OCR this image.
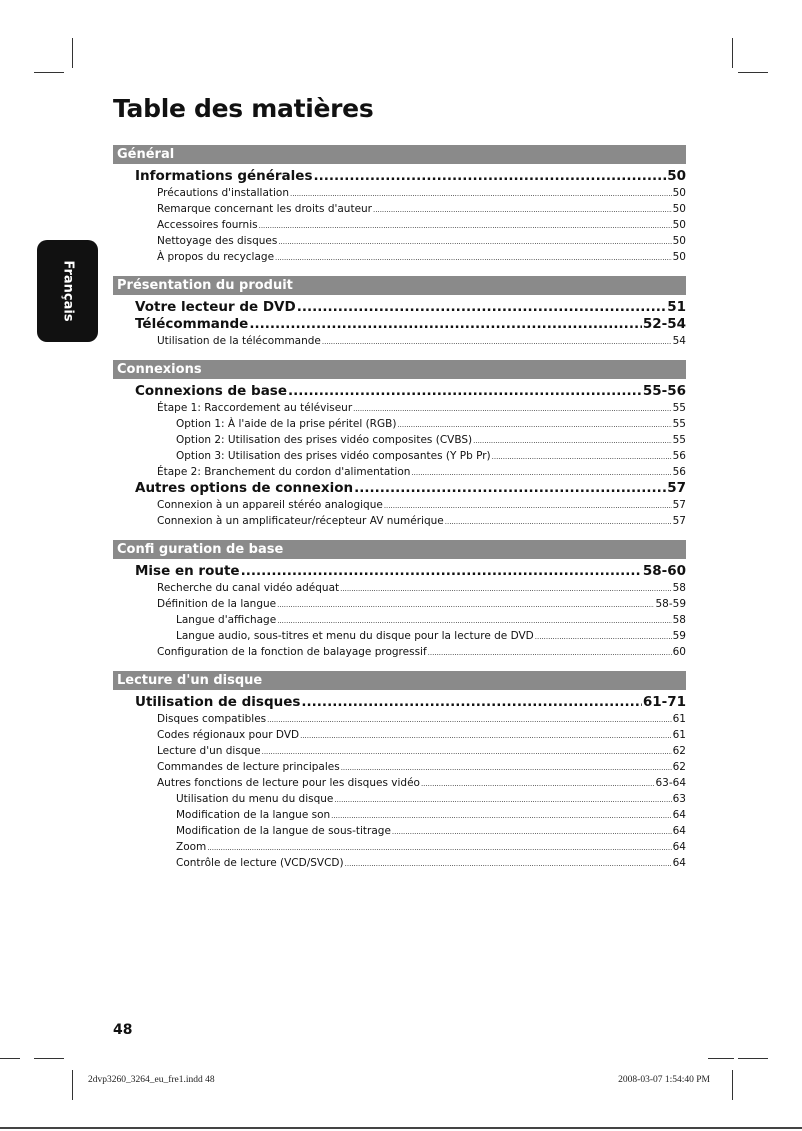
Table des matières
Français
Général
Informations générales .....	50
Précautions d'installation .....	50
Remarque concernant les droits d'auteur .....	50
Accessoires fournis .....	50
Nettoyage des disques .....	50
À propos du recyclage .....	50
Présentation du produit
Votre lecteur de DVD .....	51
Télécommande .....	52-54
Utilisation de la télécommande .....	54
Connexions
Connexions de base .....	55-56
Étape 1: Raccordement au téléviseur .....	55
Option 1: À l'aide de la prise péritel (RGB) .....	55
Option 2: Utilisation des prises vidéo composites (CVBS) .....	55
Option 3: Utilisation des prises vidéo composantes (Y Pb Pr) .....	56
Étape 2: Branchement du cordon d'alimentation .....	56
Autres options de connexion .....	57
Connexion à un appareil stéréo analogique .....	57
Connexion à un amplificateur/récepteur AV numérique .....	57
Confi guration de base
Mise en route .....	58-60
Recherche du canal vidéo adéquat .....	58
Définition de la langue .....	58-59
Langue d'affichage .....	58
Langue audio, sous-titres et menu du disque pour la lecture de DVD .....	59
Configuration de la fonction de balayage progressif .....	60
Lecture d'un disque
Utilisation de disques .....	61-71
Disques compatibles .....	61
Codes régionaux pour DVD .....	61
Lecture d'un disque .....	62
Commandes de lecture principales .....	62
Autres fonctions de lecture pour les disques vidéo .....	63-64
Utilisation du menu du disque .....	63
Modification de la langue son .....	64
Modification de la langue de sous-titrage .....	64
Zoom .....	64
Contrôle de lecture (VCD/SVCD) .....	64
48
2dvp3260_3264_eu_fre1.indd 48	2008-03-07 1:54:40 PM
